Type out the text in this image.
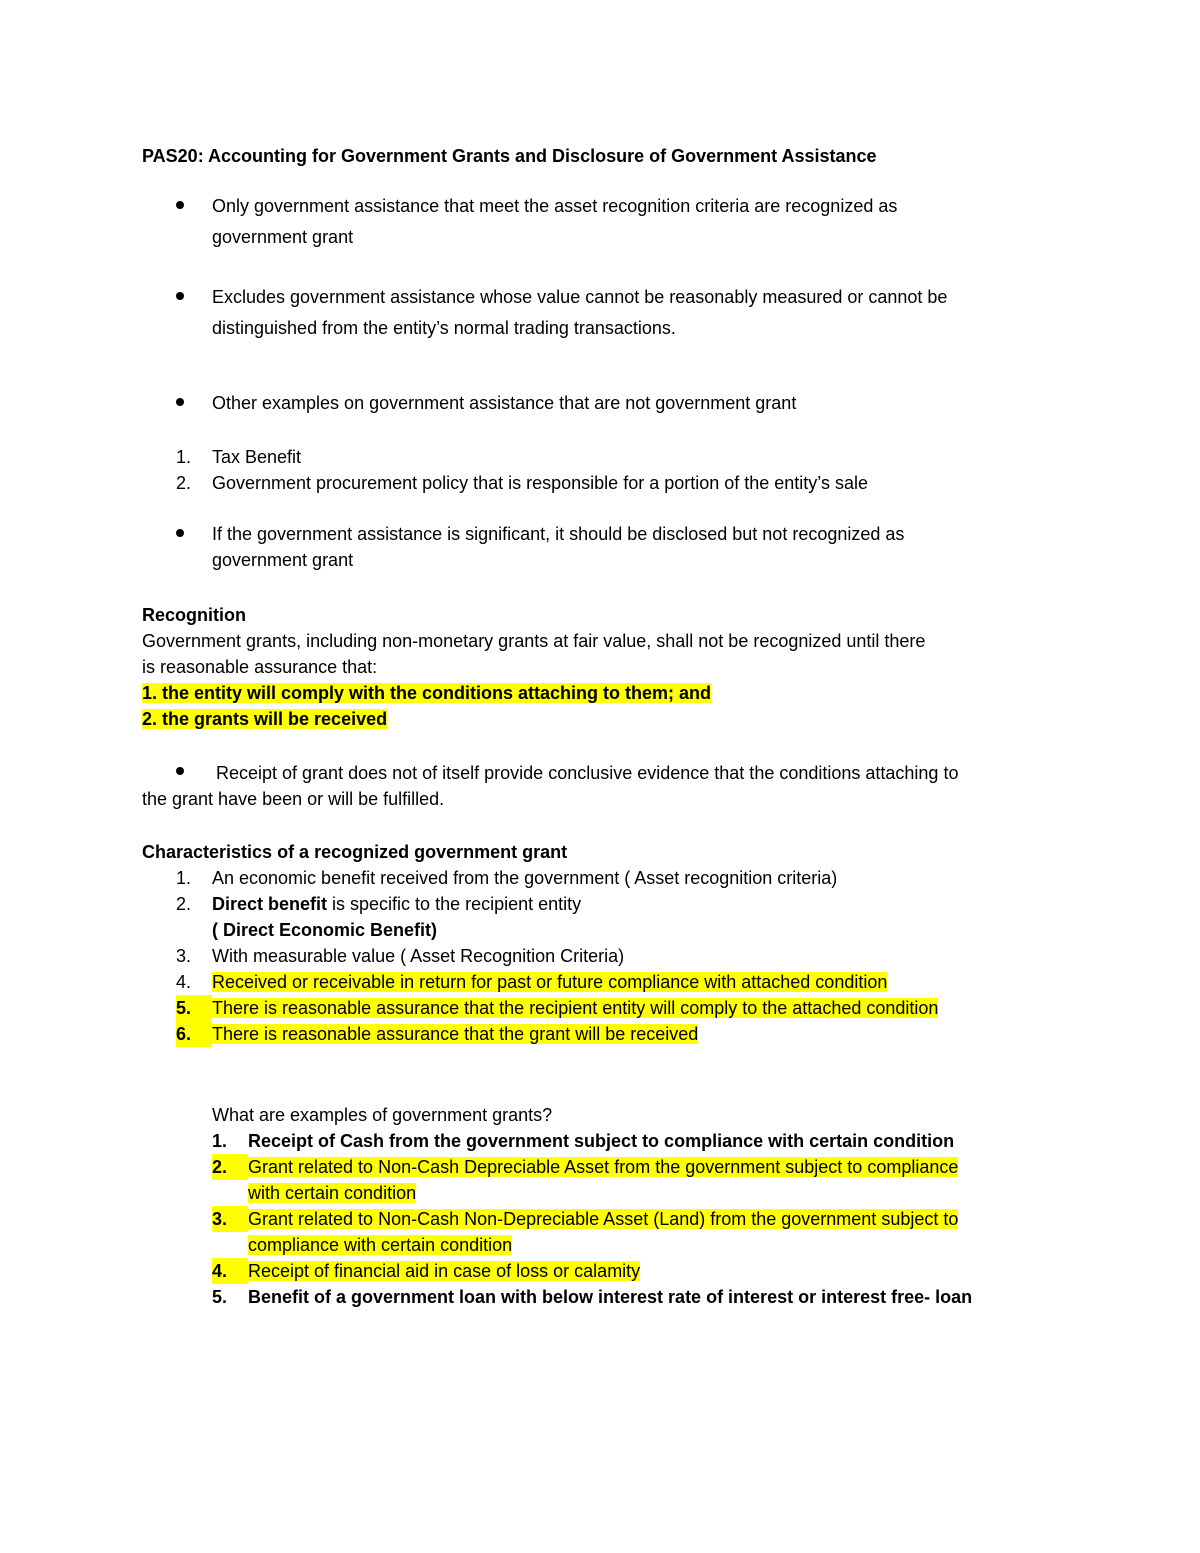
PAS20: Accounting for Government Grants and Disclosure of Government Assistance
Only government assistance that meet the asset recognition criteria are recognized as
government grant
Excludes government assistance whose value cannot be reasonably measured or cannot be
distinguished from the entity’s normal trading transactions.
Other examples on government assistance that are not government grant
1. Tax Benefit
2. Government procurement policy that is responsible for a portion of the entity’s sale
If the government assistance is significant, it should be disclosed but not recognized as
government grant
Recognition
Government grants, including non-monetary grants at fair value, shall not be recognized until there
is reasonable assurance that:
1. the entity will comply with the conditions attaching to them; and
2. the grants will be received
Receipt of grant does not of itself provide conclusive evidence that the conditions attaching to
the grant have been or will be fulfilled.
Characteristics of a recognized government grant
1. An economic benefit received from the government ( Asset recognition criteria)
2. Direct benefit is specific to the recipient entity
( Direct Economic Benefit)
3. With measurable value ( Asset Recognition Criteria)
4. Received or receivable in return for past or future compliance with attached condition
5. There is reasonable assurance that the recipient entity will comply to the attached condition
6. There is reasonable assurance that the grant will be received
What are examples of government grants?
1. Receipt of Cash from the government subject to compliance with certain condition
2. Grant related to Non-Cash Depreciable Asset from the government subject to compliance
with certain condition
3. Grant related to Non-Cash Non-Depreciable Asset (Land) from the government subject to
compliance with certain condition
4. Receipt of financial aid in case of loss or calamity
5. Benefit of a government loan with below interest rate of interest or interest free- loan
